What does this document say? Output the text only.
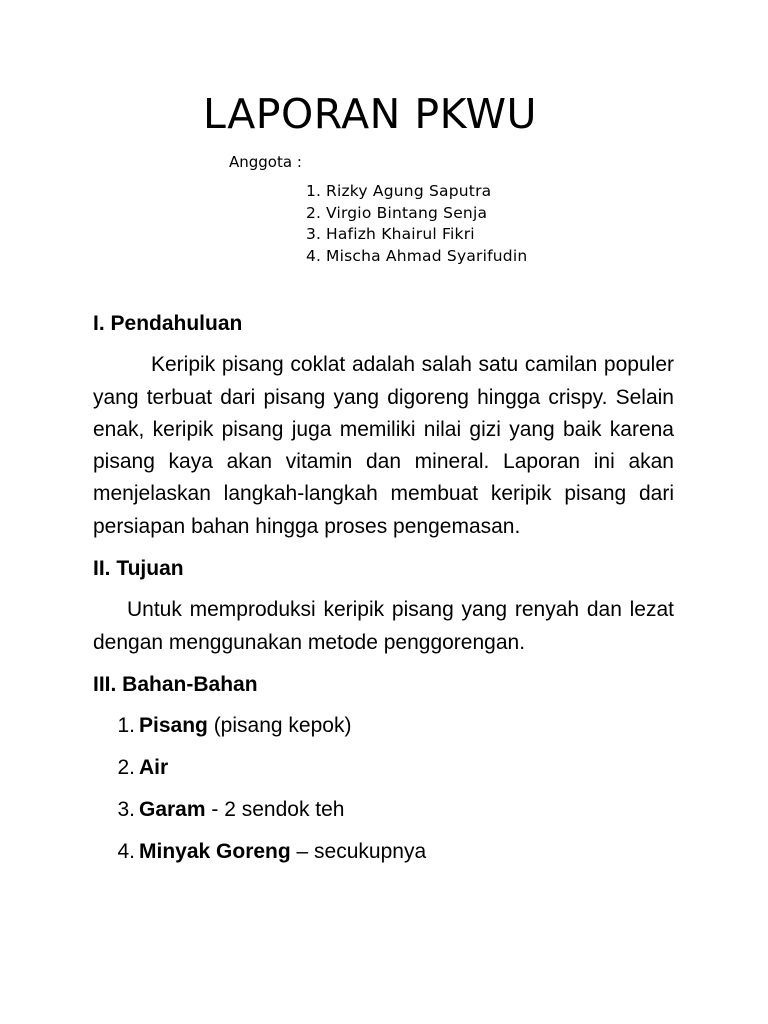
LAPORAN PKWU
Anggota :
1. Rizky Agung Saputra
2. Virgio Bintang Senja
3. Hafizh Khairul Fikri
4. Mischa Ahmad Syarifudin

I. Pendahuluan

Keripik pisang coklat adalah salah satu camilan populer yang terbuat dari pisang yang digoreng hingga crispy. Selain enak, keripik pisang juga memiliki nilai gizi yang baik karena pisang kaya akan vitamin dan mineral. Laporan ini akan menjelaskan langkah-langkah membuat keripik pisang dari persiapan bahan hingga proses pengemasan.

II. Tujuan

Untuk memproduksi keripik pisang yang renyah dan lezat dengan menggunakan metode penggorengan.

III. Bahan-Bahan

1. Pisang (pisang kepok)
2. Air
3. Garam - 2 sendok teh
4. Minyak Goreng – secukupnya
